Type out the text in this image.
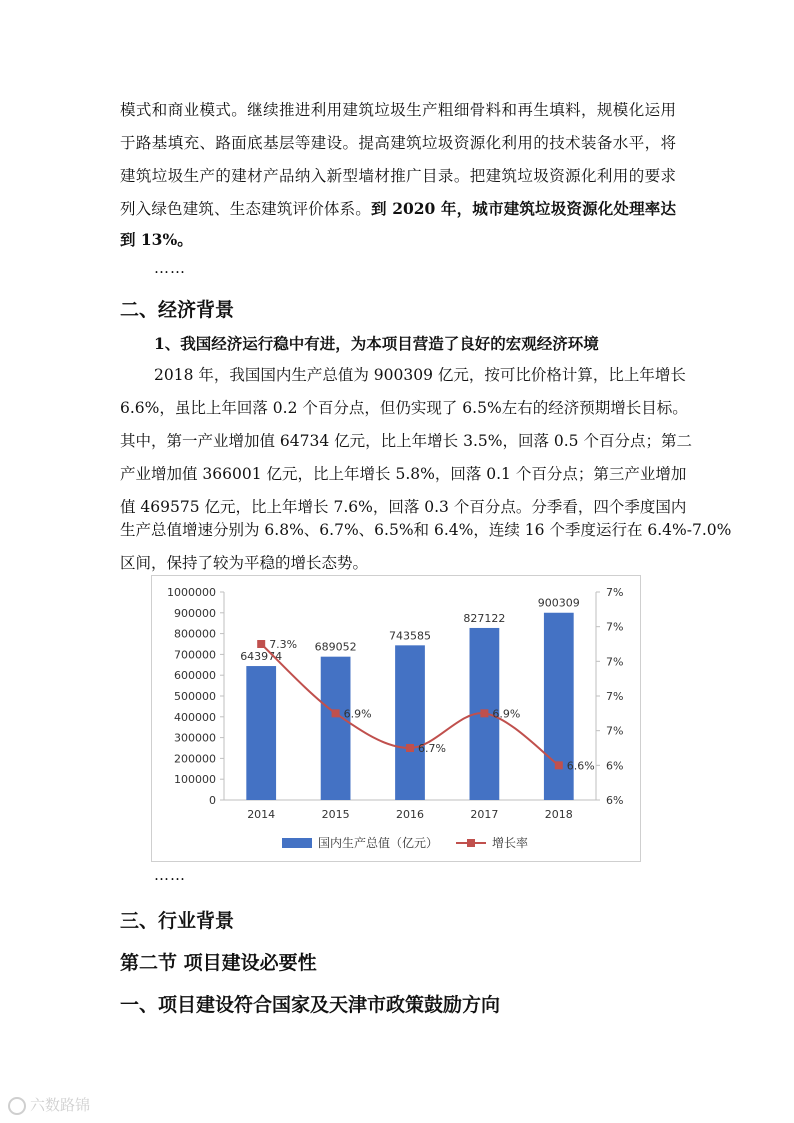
模式和商业模式。继续推进利用建筑垃圾生产粗细骨料和再生填料，规模化运用
于路基填充、路面底基层等建设。提高建筑垃圾资源化利用的技术装备水平，将
建筑垃圾生产的建材产品纳入新型墙材推广目录。把建筑垃圾资源化利用的要求
列入绿色建筑、生态建筑评价体系。到 2020 年，城市建筑垃圾资源化处理率达
到 13%。
……
二、经济背景
1、我国经济运行稳中有进，为本项目营造了良好的宏观经济环境
2018 年，我国国内生产总值为 900309 亿元，按可比价格计算，比上年增长
6.6%，虽比上年回落 0.2 个百分点，但仍实现了 6.5%左右的经济预期增长目标。
其中，第一产业增加值 64734 亿元，比上年增长 3.5%，回落 0.5 个百分点；第二
产业增加值 366001 亿元，比上年增长 5.8%，回落 0.1 个百分点；第三产业增加
值 469575 亿元，比上年增长 7.6%，回落 0.3 个百分点。分季看，四个季度国内
生产总值增速分别为 6.8%、6.7%、6.5%和 6.4%，连续 16 个季度运行在 6.4%-7.0%
区间，保持了较为平稳的增长态势。
0
100000
200000
300000
400000
500000
600000
700000
800000
900000
1000000
6%
6%
7%
7%
7%
7%
7%
643974
2014
689052
2015
743585
2016
827122
2017
900309
2018
7.3%
6.9%
6.7%
6.9%
6.6%
国内生产总值（亿元）	增长率
……
三、行业背景
第二节 项目建设必要性
一、项目建设符合国家及天津市政策鼓励方向
六数路锦
